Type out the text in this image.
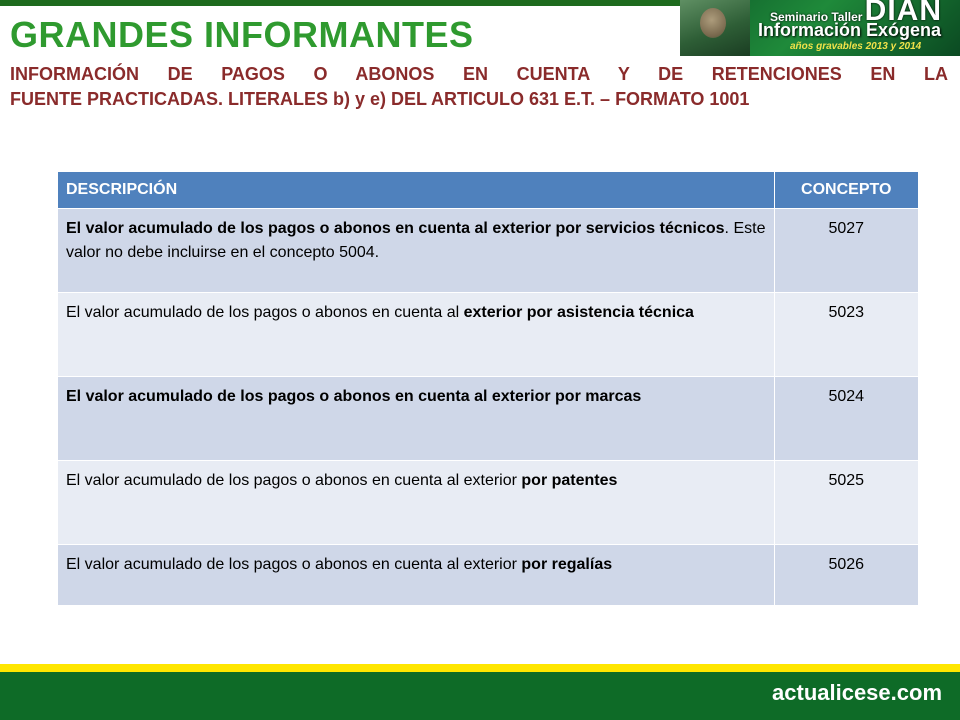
DIAN
Seminario Taller
Información Exógena
años gravables 2013 y 2014
GRANDES INFORMANTES

INFORMACIÓN DE PAGOS O ABONOS EN CUENTA Y DE RETENCIONES EN LA
FUENTE PRACTICADAS. LITERALES b) y e) DEL ARTICULO 631 E.T. – FORMATO 1001

DESCRIPCIÓN	CONCEPTO
El valor acumulado de los pagos o abonos en cuenta al exterior por servicios técnicos. Este valor no debe incluirse en el concepto 5004.	5027
El valor acumulado de los pagos o abonos en cuenta al exterior por asistencia técnica	5023
El valor acumulado de los pagos o abonos en cuenta al exterior por marcas	5024
El valor acumulado de los pagos o abonos en cuenta al exterior por patentes	5025
El valor acumulado de los pagos o abonos en cuenta al exterior por regalías	5026
actualicese.com
